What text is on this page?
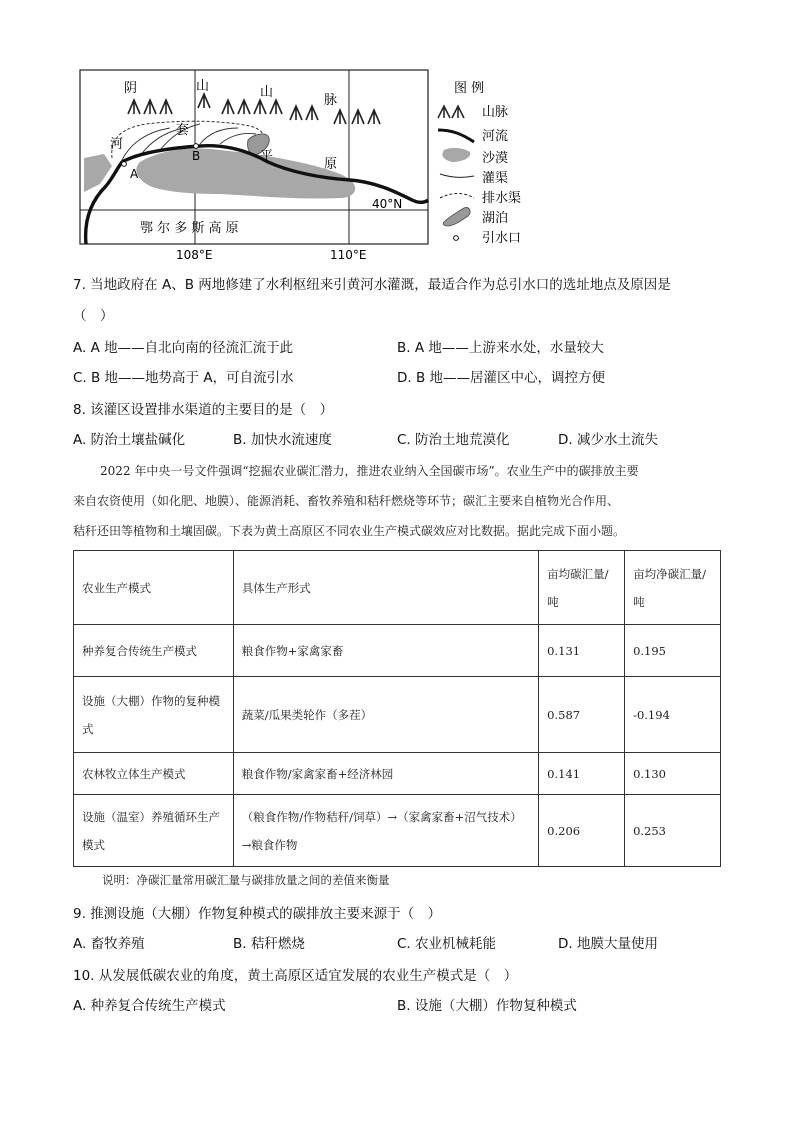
阴	山	山
脉
河
套
平
原
A
B
鄂 尔 多 斯 高 原
40°N
108°E	110°E
图 例
山脉
河流
沙漠
灌渠
排水渠
湖泊
引水口
7. 当地政府在 A、B 两地修建了水利枢纽来引黄河水灌溉，最适合作为总引水口的选址地点及原因是
（　）
A. A 地——自北向南的径流汇流于此	B. A 地——上游来水处，水量较大
C. B 地——地势高于 A，可自流引水	D. B 地——居灌区中心，调控方便
8. 该灌区设置排水渠道的主要目的是（　）
A. 防治土壤盐碱化	B. 加快水流速度	C. 防治土地荒漠化	D. 减少水土流失
2022 年中央一号文件强调“挖掘农业碳汇潜力，推进农业纳入全国碳市场”。农业生产中的碳排放主要
来自农资使用（如化肥、地膜）、能源消耗、畜牧养殖和秸秆燃烧等环节；碳汇主要来自植物光合作用、
秸秆还田等植物和土壤固碳。下表为黄土高原区不同农业生产模式碳效应对比数据。据此完成下面小题。
农业生产模式	具体生产形式	亩均碳汇量/吨	亩均净碳汇量/吨
种养复合传统生产模式	粮食作物+家禽家畜	0.131	0.195
设施（大棚）作物的复种模式	蔬菜/瓜果类轮作（多茬）	0.587	-0.194
农林牧立体生产模式	粮食作物/家禽家畜+经济林园	0.141	0.130
设施（温室）养殖循环生产模式	（粮食作物/作物秸秆/饲草）→（家禽家畜+沼气技术）→粮食作物	0.206	0.253
说明：净碳汇量常用碳汇量与碳排放量之间的差值来衡量
9. 推测设施（大棚）作物复种模式的碳排放主要来源于（　）
A. 畜牧养殖	B. 秸秆燃烧	C. 农业机械耗能	D. 地膜大量使用
10. 从发展低碳农业的角度，黄土高原区适宜发展的农业生产模式是（　）
A. 种养复合传统生产模式	B. 设施（大棚）作物复种模式
